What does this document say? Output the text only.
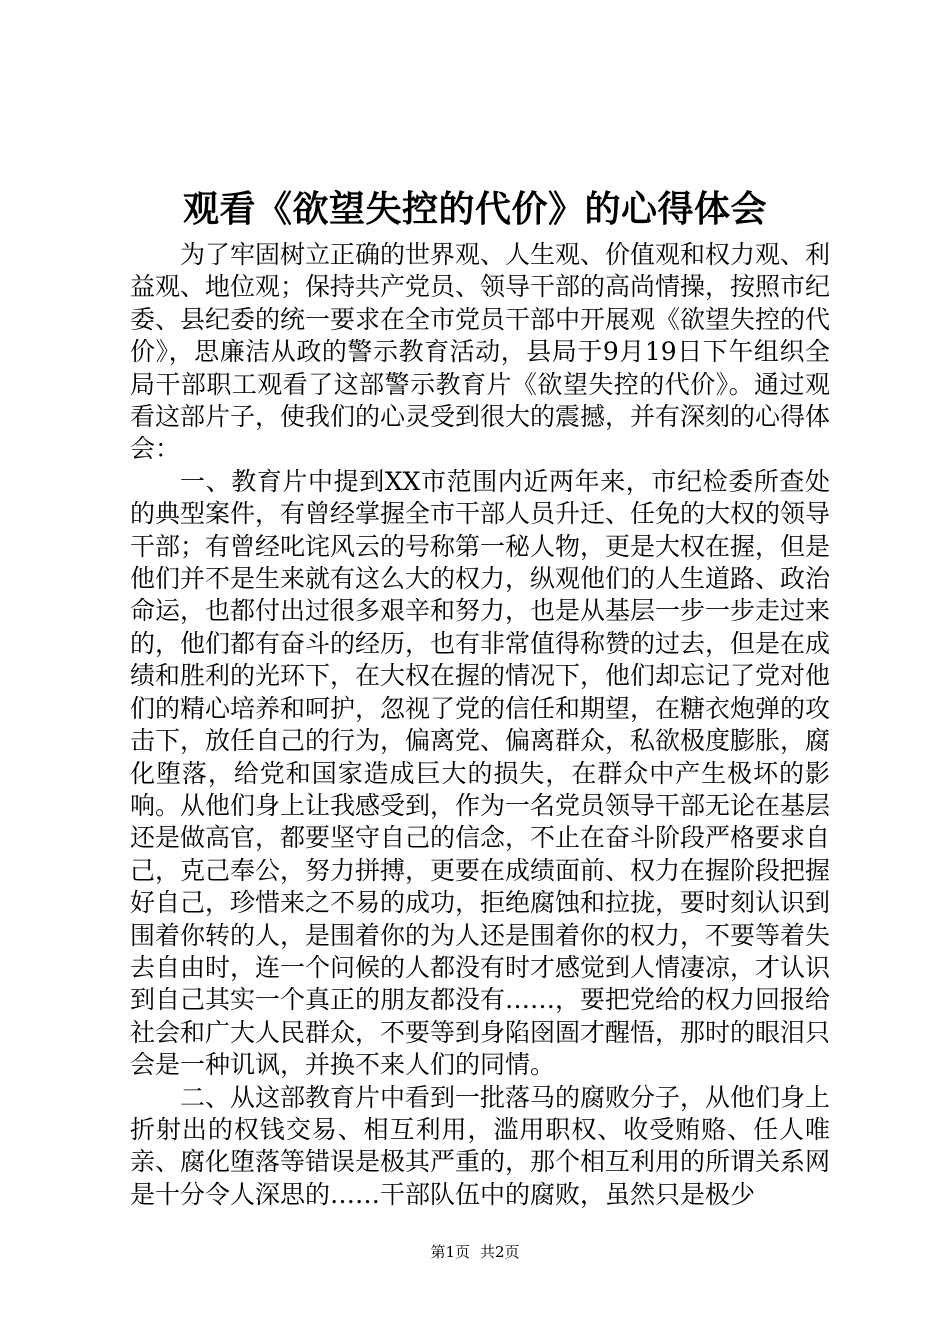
观看《欲望失控的代价》的心得体会

为了牢固树立正确的世界观、人生观、价值观和权力观、利益观、地位观；保持共产党员、领导干部的高尚情操，按照市纪委、县纪委的统一要求在全市党员干部中开展观《欲望失控的代价》，思廉洁从政的警示教育活动，县局于9月19日下午组织全局干部职工观看了这部警示教育片《欲望失控的代价》。通过观看这部片子，使我们的心灵受到很大的震撼，并有深刻的心得体会：

一、教育片中提到XX市范围内近两年来，市纪检委所查处的典型案件，有曾经掌握全市干部人员升迁、任免的大权的领导干部；有曾经叱诧风云的号称第一秘人物，更是大权在握，但是他们并不是生来就有这么大的权力，纵观他们的人生道路、政治命运，也都付出过很多艰辛和努力，也是从基层一步一步走过来的，他们都有奋斗的经历，也有非常值得称赞的过去，但是在成绩和胜利的光环下，在大权在握的情况下，他们却忘记了党对他们的精心培养和呵护，忽视了党的信任和期望，在糖衣炮弹的攻击下，放任自己的行为，偏离党、偏离群众，私欲极度膨胀，腐化堕落，给党和国家造成巨大的损失，在群众中产生极坏的影响。从他们身上让我感受到，作为一名党员领导干部无论在基层还是做高官，都要坚守自己的信念，不止在奋斗阶段严格要求自己，克己奉公，努力拼搏，更要在成绩面前、权力在握阶段把握好自己，珍惜来之不易的成功，拒绝腐蚀和拉拢，要时刻认识到围着你转的人，是围着你的为人还是围着你的权力，不要等着失去自由时，连一个问候的人都没有时才感觉到人情凄凉，才认识到自己其实一个真正的朋友都没有……，要把党给的权力回报给社会和广大人民群众，不要等到身陷囹圄才醒悟，那时的眼泪只会是一种讥讽，并换不来人们的同情。

二、从这部教育片中看到一批落马的腐败分子，从他们身上折射出的权钱交易、相互利用，滥用职权、收受贿赂、任人唯亲、腐化堕落等错误是极其严重的，那个相互利用的所谓关系网是十分令人深思的……干部队伍中的腐败，虽然只是极少

第1页 共2页
